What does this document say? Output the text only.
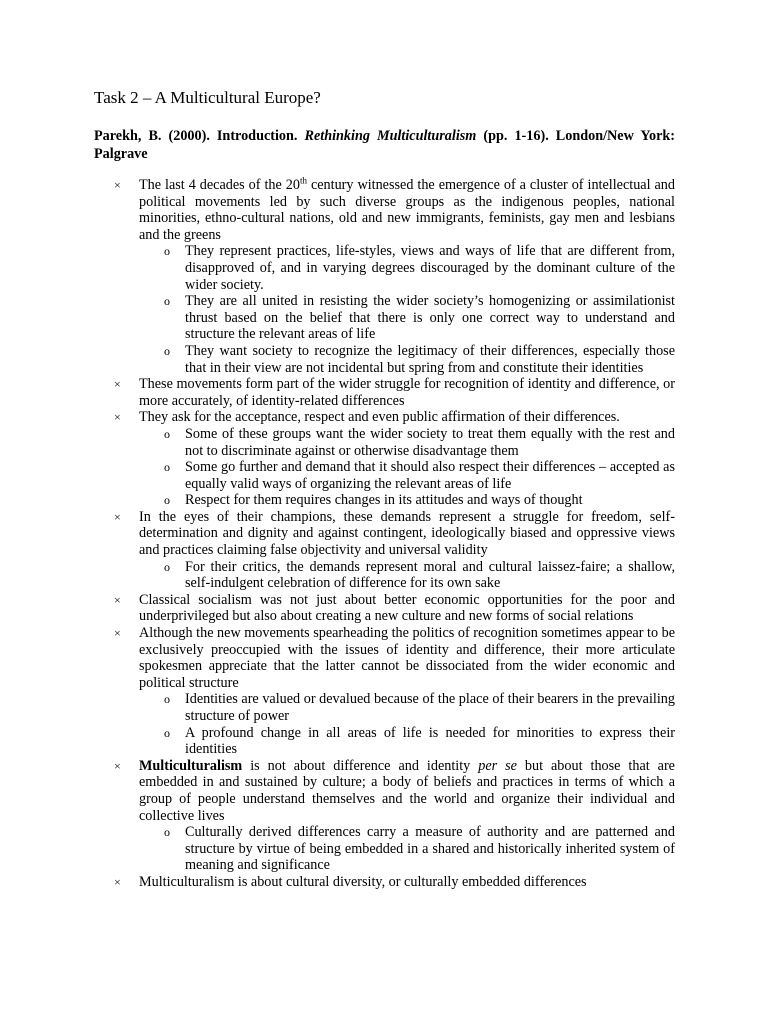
Task 2 – A Multicultural Europe?
Parekh, B. (2000). Introduction. Rethinking Multiculturalism (pp. 1-16). London/New York: Palgrave
× The last 4 decades of the 20th century witnessed the emergence of a cluster of intellectual and political movements led by such diverse groups as the indigenous peoples, national minorities, ethno-cultural nations, old and new immigrants, feminists, gay men and lesbians and the greens
o They represent practices, life-styles, views and ways of life that are different from, disapproved of, and in varying degrees discouraged by the dominant culture of the wider society.
o They are all united in resisting the wider society’s homogenizing or assimilationist thrust based on the belief that there is only one correct way to understand and structure the relevant areas of life
o They want society to recognize the legitimacy of their differences, especially those that in their view are not incidental but spring from and constitute their identities
× These movements form part of the wider struggle for recognition of identity and difference, or more accurately, of identity-related differences
× They ask for the acceptance, respect and even public affirmation of their differences.
o Some of these groups want the wider society to treat them equally with the rest and not to discriminate against or otherwise disadvantage them
o Some go further and demand that it should also respect their differences – accepted as equally valid ways of organizing the relevant areas of life
o Respect for them requires changes in its attitudes and ways of thought
× In the eyes of their champions, these demands represent a struggle for freedom, self-determination and dignity and against contingent, ideologically biased and oppressive views and practices claiming false objectivity and universal validity
o For their critics, the demands represent moral and cultural laissez-faire; a shallow, self-indulgent celebration of difference for its own sake
× Classical socialism was not just about better economic opportunities for the poor and underprivileged but also about creating a new culture and new forms of social relations
× Although the new movements spearheading the politics of recognition sometimes appear to be exclusively preoccupied with the issues of identity and difference, their more articulate spokesmen appreciate that the latter cannot be dissociated from the wider economic and political structure
o Identities are valued or devalued because of the place of their bearers in the prevailing structure of power
o A profound change in all areas of life is needed for minorities to express their identities
× Multiculturalism is not about difference and identity per se but about those that are embedded in and sustained by culture; a body of beliefs and practices in terms of which a group of people understand themselves and the world and organize their individual and collective lives
o Culturally derived differences carry a measure of authority and are patterned and structure by virtue of being embedded in a shared and historically inherited system of meaning and significance
× Multiculturalism is about cultural diversity, or culturally embedded differences
